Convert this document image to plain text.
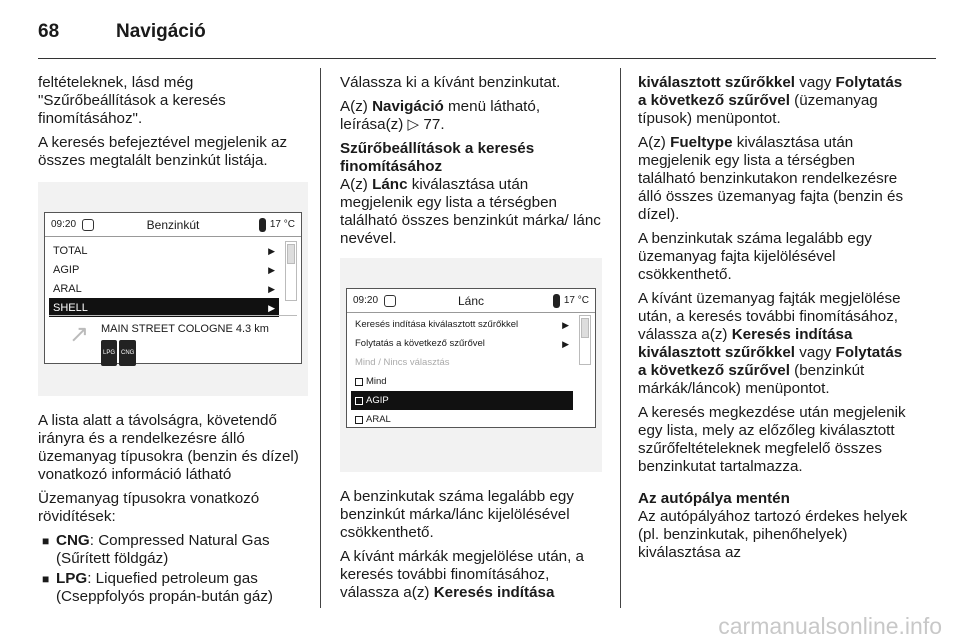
68	Navigáció

feltételeknek, lásd még "Szűrőbeállítások a keresés finomításához".

A keresés befejeztével megjelenik az összes megtalált benzinkút listája.

09:20	Benzinkút	17 °C
TOTAL	▶
AGIP	▶
ARAL	▶
SHELL	▶
↗ MAIN STREET COLOGNE 4.3 km
LPG	CNG

A lista alatt a távolságra, követendő irányra és a rendelkezésre álló üzemanyag típusokra (benzin és dízel) vonatkozó információ látható

Üzemanyag típusokra vonatkozó rövidítések:

■ CNG: Compressed Natural Gas (Sűrített földgáz)
■ LPG: Liquefied petroleum gas (Cseppfolyós propán-bután gáz)

Válassza ki a kívánt benzinkutat.

A(z) Navigáció menü látható, leírása(z) ▷ 77.

Szűrőbeállítások a keresés finomításához

A(z) Lánc kiválasztása után megjelenik egy lista a térségben található összes benzinkút márka/ lánc nevével.

09:20	Lánc	17 °C
Keresés indítása kiválasztott szűrőkkel	▶
Folytatás a következő szűrővel	▶
Mind / Nincs választás
Mind
AGIP
ARAL

A benzinkutak száma legalább egy benzinkút márka/lánc kijelölésével csökkenthető.

A kívánt márkák megjelölése után, a keresés további finomításához, válassza a(z) Keresés indítása

kiválasztott szűrőkkel vagy Folytatás a következő szűrővel (üzemanyag típusok) menüpontot.

A(z) Fueltype kiválasztása után megjelenik egy lista a térségben található benzinkutakon rendelkezésre álló összes üzemanyag fajta (benzin és dízel).

A benzinkutak száma legalább egy üzemanyag fajta kijelölésével csökkenthető.

A kívánt üzemanyag fajták megjelölése után, a keresés további finomításához, válassza a(z) Keresés indítása kiválasztott szűrőkkel vagy Folytatás a következő szűrővel (benzinkút márkák/láncok) menüpontot.

A keresés megkezdése után megjelenik egy lista, mely az előzőleg kiválasztott szűrőfeltételeknek megfelelő összes benzinkutat tartalmazza.

Az autópálya mentén

Az autópályához tartozó érdekes helyek (pl. benzinkutak, pihenőhelyek) kiválasztása az

carmanualsonline.info
